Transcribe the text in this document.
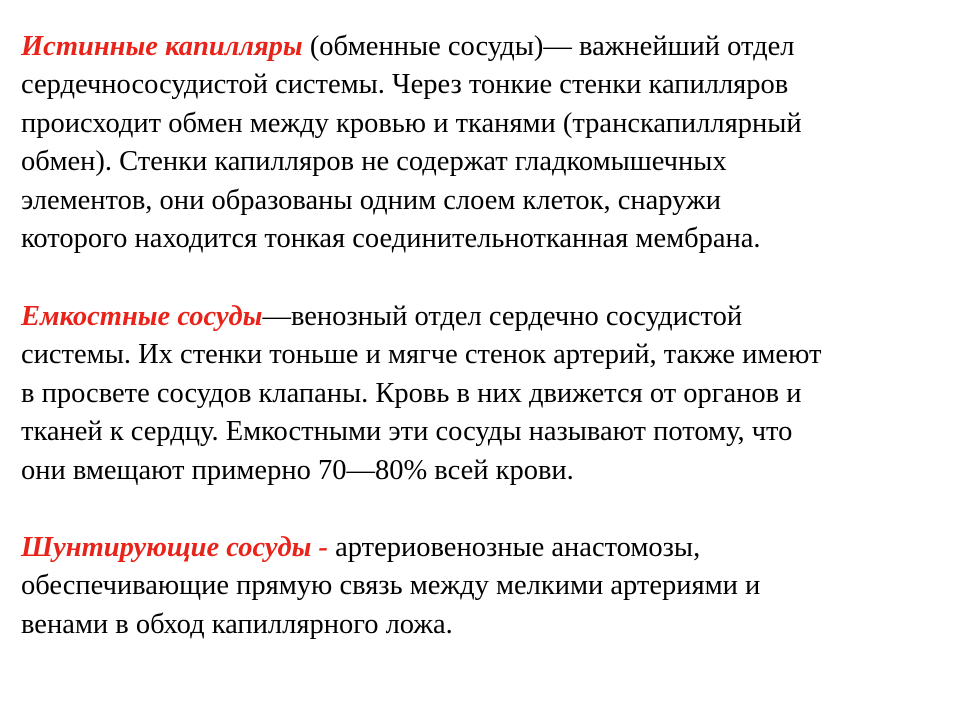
Истинные капилляры (обменные сосуды)— важнейший отдел
сердечнососудистой системы. Через тонкие стенки капилляров
происходит обмен между кровью и тканями (транскапиллярный
обмен). Стенки капилляров не содержат гладкомышечных
элементов, они образованы одним слоем клеток, снаружи
которого находится тонкая соединительнотканная мембрана.
Емкостные сосуды—венозный отдел сердечно сосудистой
системы. Их стенки тоньше и мягче стенок артерий, также имеют
в просвете сосудов клапаны. Кровь в них движется от органов и
тканей к сердцу. Емкостными эти сосуды называют потому, что
они вмещают примерно 70—80% всей крови.
Шунтирующие сосуды - артериовенозные анастомозы,
обеспечивающие прямую связь между мелкими артериями и
венами в обход капиллярного ложа.
